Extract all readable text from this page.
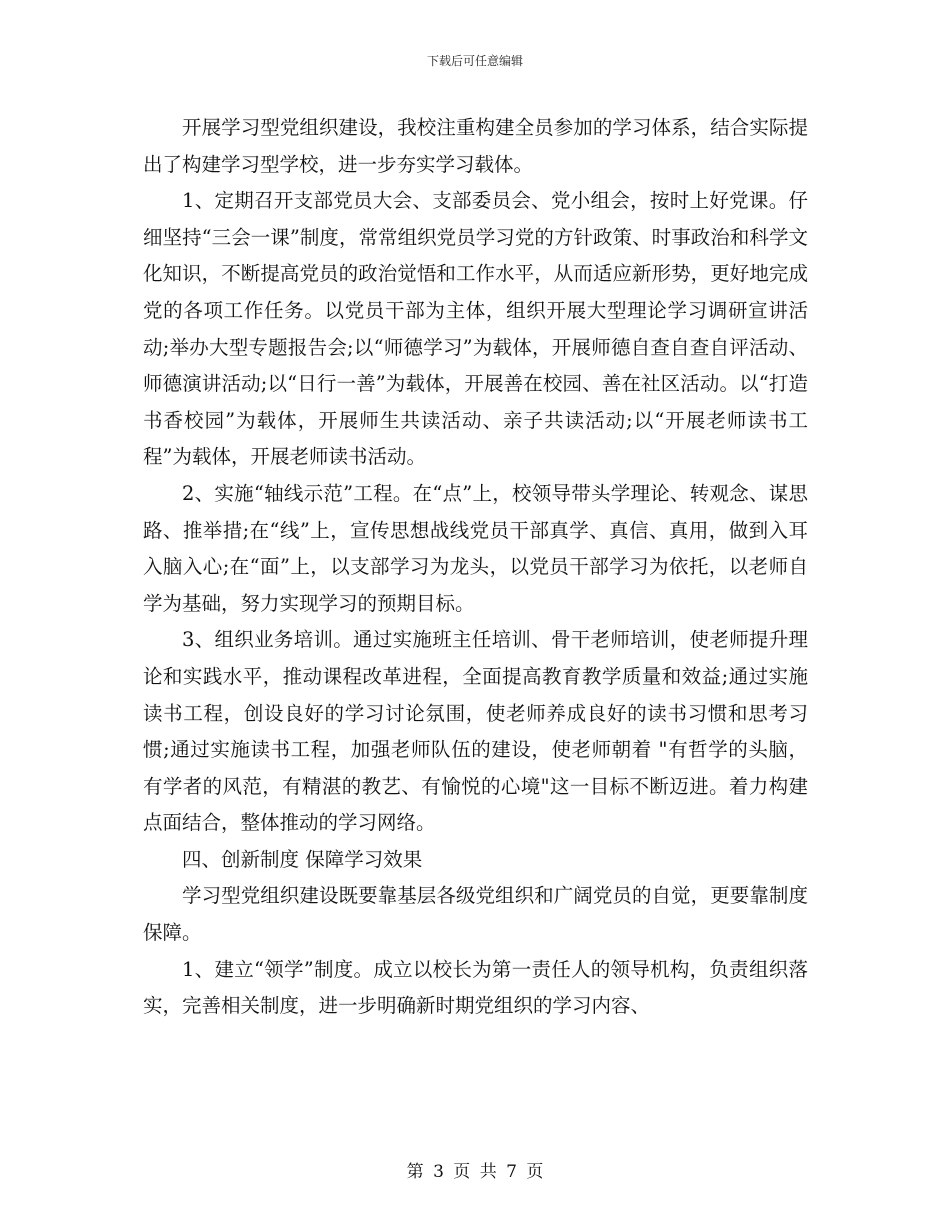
下载后可任意编辑

开展学习型党组织建设，我校注重构建全员参加的学习体系，结合实际提出了构建学习型学校，进一步夯实学习载体。

1、定期召开支部党员大会、支部委员会、党小组会，按时上好党课。仔细坚持“三会一课”制度，常常组织党员学习党的方针政策、时事政治和科学文化知识，不断提高党员的政治觉悟和工作水平，从而适应新形势，更好地完成党的各项工作任务。以党员干部为主体，组织开展大型理论学习调研宣讲活动;举办大型专题报告会;以“师德学习”为载体，开展师德自查自查自评活动、师德演讲活动;以“日行一善”为载体，开展善在校园、善在社区活动。以“打造书香校园”为载体，开展师生共读活动、亲子共读活动;以“开展老师读书工程”为载体，开展老师读书活动。

2、实施“轴线示范”工程。在“点”上，校领导带头学理论、转观念、谋思路、推举措;在“线”上，宣传思想战线党员干部真学、真信、真用，做到入耳入脑入心;在“面”上，以支部学习为龙头，以党员干部学习为依托，以老师自学为基础，努力实现学习的预期目标。

3、组织业务培训。通过实施班主任培训、骨干老师培训，使老师提升理论和实践水平，推动课程改革进程，全面提高教育教学质量和效益;通过实施读书工程，创设良好的学习讨论氛围，使老师养成良好的读书习惯和思考习惯;通过实施读书工程，加强老师队伍的建设，使老师朝着 "有哲学的头脑，有学者的风范，有精湛的教艺、有愉悦的心境"这一目标不断迈进。着力构建点面结合，整体推动的学习网络。

四、创新制度 保障学习效果

学习型党组织建设既要靠基层各级党组织和广阔党员的自觉，更要靠制度保障。

1、建立“领学”制度。成立以校长为第一责任人的领导机构，负责组织落实，完善相关制度，进一步明确新时期党组织的学习内容、

第 3 页 共 7 页
